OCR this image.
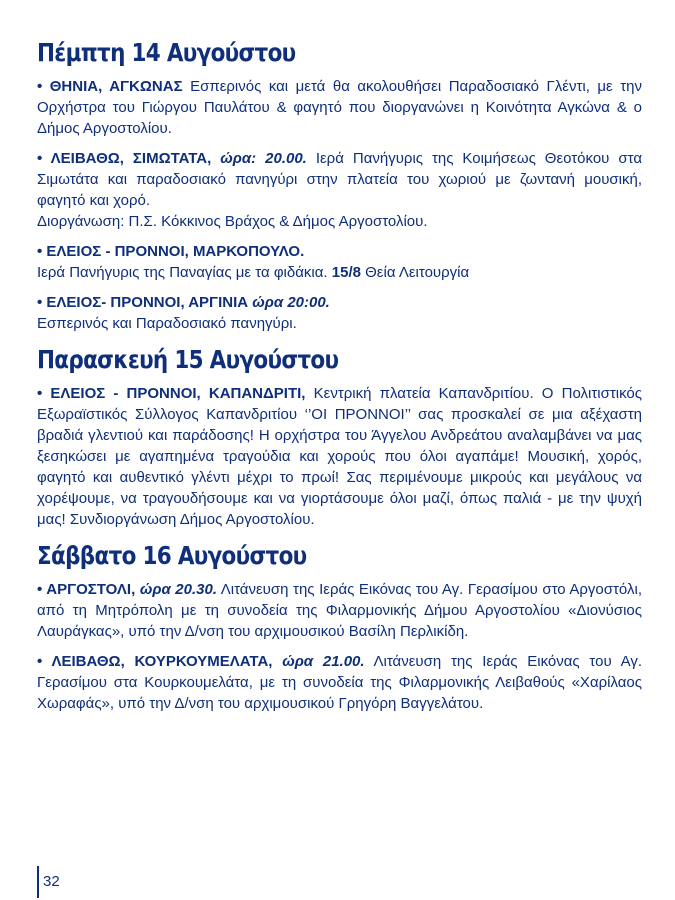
Πέμπτη 14 Αυγούστου

• ΘΗΝΙΑ, ΑΓΚΩΝΑΣ Εσπερινός και μετά θα ακολουθήσει Παραδοσιακό Γλέντι, με την Ορχήστρα του Γιώργου Παυλάτου & φαγητό που διοργανώνει η Κοινότητα Αγκώνα & ο Δήμος Αργοστολίου.

• ΛΕΙΒΑΘΩ, ΣΙΜΩΤΑΤΑ, ώρα: 20.00. Ιερά Πανήγυρις της Κοιμήσεως Θεοτόκου στα Σιμωτάτα και παραδοσιακό πανηγύρι στην πλατεία του χωριού με ζωντανή μουσική, φαγητό και χορό.
Διοργάνωση: Π.Σ. Κόκκινος Βράχος & Δήμος Αργοστολίου.

• ΕΛΕΙΟΣ - ΠΡΟΝΝΟΙ, ΜΑΡΚΟΠΟΥΛΟ.
Ιερά Πανήγυρις της Παναγίας με τα φιδάκια. 15/8 Θεία Λειτουργία

• ΕΛΕΙΟΣ- ΠΡΟΝΝΟΙ, ΑΡΓΙΝΙΑ ώρα 20:00.
Εσπερινός και Παραδοσιακό πανηγύρι.

Παρασκευή 15 Αυγούστου

• ΕΛΕΙΟΣ - ΠΡΟΝΝΟΙ, ΚΑΠΑΝΔΡΙΤΙ, Κεντρική πλατεία Καπανδριτίου. Ο Πολιτιστικός Εξωραϊστικός Σύλλογος Καπανδριτίου ‘’ΟΙ ΠΡΟΝΝΟΙ’’ σας προσκαλεί σε μια αξέχαστη βραδιά γλεντιού και παράδοσης! Η ορχήστρα του Άγγελου Ανδρεάτου αναλαμβάνει να μας ξεσηκώσει με αγαπημένα τραγούδια και χορούς που όλοι αγαπάμε! Μουσική, χορός, φαγητό και αυθεντικό γλέντι μέχρι το πρωί! Σας περιμένουμε μικρούς και μεγάλους να χορέψουμε, να τραγουδήσουμε και να γιορτάσουμε όλοι μαζί, όπως παλιά - με την ψυχή μας! Συνδιοργάνωση Δήμος Αργοστολίου.

Σάββατο 16 Αυγούστου

• ΑΡΓΟΣΤΟΛΙ, ώρα 20.30. Λιτάνευση της Ιεράς Εικόνας του Αγ. Γερασίμου στο Αργοστόλι, από τη Μητρόπολη με τη συνοδεία της Φιλαρμονικής Δήμου Αργοστολίου «Διονύσιος Λαυράγκας», υπό την Δ/νση του αρχιμουσικού Βασίλη Περλικίδη.

• ΛΕΙΒΑΘΩ, ΚΟΥΡΚΟΥΜΕΛΑΤΑ, ώρα 21.00. Λιτάνευση της Ιεράς Εικόνας του Αγ. Γερασίμου στα Κουρκουμελάτα, με τη συνοδεία της Φιλαρμονικής Λειβαθούς «Χαρίλαος Χωραφάς», υπό την Δ/νση του αρχιμουσικού Γρηγόρη Βαγγελάτου.

32
